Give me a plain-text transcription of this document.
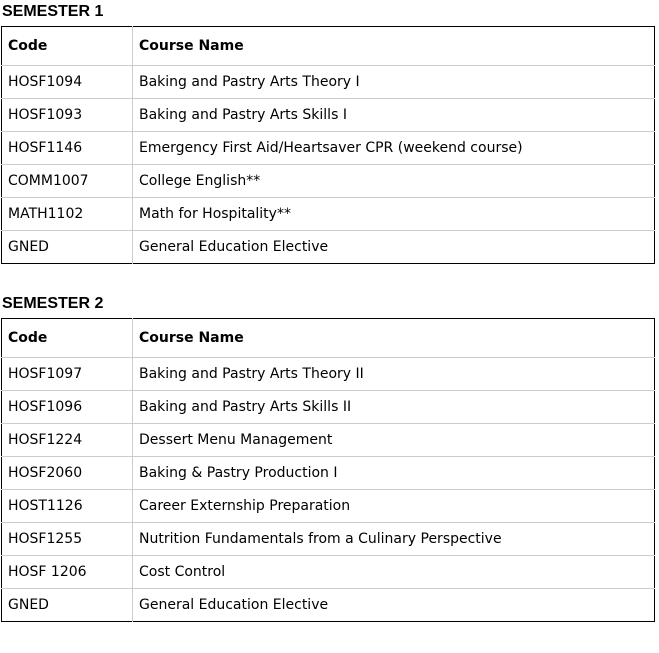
SEMESTER 1
Code	Course Name
HOSF1094	Baking and Pastry Arts Theory I
HOSF1093	Baking and Pastry Arts Skills I
HOSF1146	Emergency First Aid/Heartsaver CPR (weekend course)
COMM1007	College English**
MATH1102	Math for Hospitality**
GNED	General Education Elective
SEMESTER 2
Code	Course Name
HOSF1097	Baking and Pastry Arts Theory II
HOSF1096	Baking and Pastry Arts Skills II
HOSF1224	Dessert Menu Management
HOSF2060	Baking & Pastry Production I
HOST1126	Career Externship Preparation
HOSF1255	Nutrition Fundamentals from a Culinary Perspective
HOSF 1206	Cost Control
GNED	General Education Elective
